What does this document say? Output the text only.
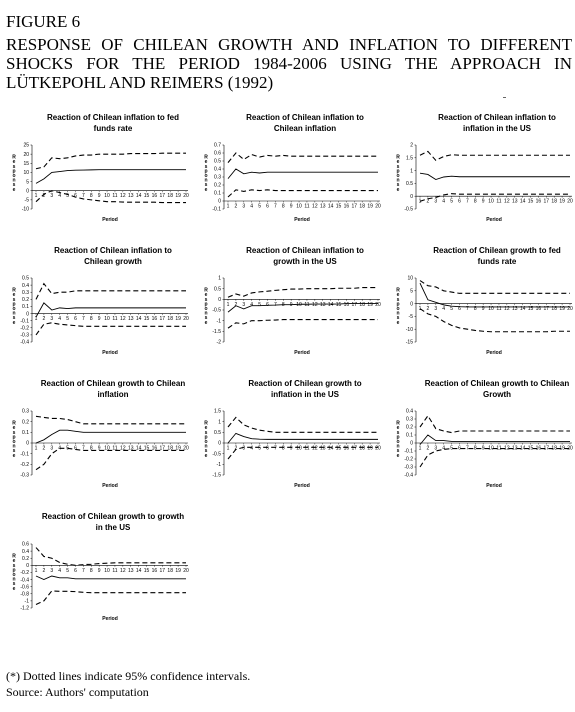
FIGURE 6
RESPONSE OF CHILEAN GROWTH AND INFLATION TO DIFFERENT SHOCKS FOR THE PERIOD 1984-2006 USING THE APPROACH IN LÜTKEPOHL AND REIMERS (1992)
Reaction of Chilean inflation to fed
funds rate
-10
-5
0
5
10
15
20
25
1 2 3 4 5 6 7 8 9 10 11 12 13 14 15 16 17 18 19 20
R
e
s
p
o
n
s
e
Period
Reaction of Chilean inflation to
Chilean inflation
-0.1
0
0.1
0.2
0.3
0.4
0.5
0.6
0.7
1 2 3 4 5 6 7 8 9 10 11 12 13 14 15 16 17 18 19 20
R
e
s
p
o
n
s
e
Period
Reaction of Chilean inflation to
inflation in the US
-0.5
0
0.5
1
1.5
2
1 2 3 4 5 6 7 8 9 10 11 12 13 14 15 16 17 18 19 20
R
e
s
p
o
n
s
e
Period
Reaction of Chilean inflation to
Chilean growth
-0.4
-0.3
-0.2
-0.1
0
0.1
0.2
0.3
0.4
0.5
1 2 3 4 5 6 7 8 9 10 11 12 13 14 15 16 17 18 19 20
R
e
s
p
o
n
s
e
Period
Reaction of Chilean inflation to
growth in the US
-2
-1.5
-1
-0.5
0
0.5
1
1 2 3 4 5 6 7 8 9 10 11 12 13 14 15 16 17 18 19 20
R
e
s
p
o
n
s
e
Period
Reaction of Chilean growth to fed
funds rate
-15
-10
-5
0
5
10
1 2 3 4 5 6 7 8 9 10 11 12 13 14 15 16 17 18 19 20
R
e
s
p
o
n
s
e
Period
Reaction of Chilean growth to Chilean
inflation
-0.3
-0.2
-0.1
0
0.1
0.2
0.3
1 2 3 4 5 6 7 8 9 10 11 12 13 14 15 16 17 18 19 20
R
e
s
p
o
n
s
e
Period
Reaction of Chilean growth to
inflation in the US
-1.5
-1
-0.5
0
0.5
1
1.5
1 2 3 4 5 6 7 8 9 10 11 12 13 14 15 16 17 18 19 20
R
e
s
p
o
n
s
e
Period
Reaction of Chilean growth to Chilean
Growth
-0.4
-0.3
-0.2
-0.1
0
0.1
0.2
0.3
0.4
1 2 3 4 5 6 7 8 9 10 11 12 13 14 15 16 17 18 19 20
R
e
s
p
o
n
s
e
Period
Reaction of Chilean growth to growth
in the US
-1.2
-1
-0.8
-0.6
-0.4
-0.2
0
0.2
0.4
0.6
1 2 3 4 5 6 7 8 9 10 11 12 13 14 15 16 17 18 19 20
R
e
s
p
o
n
s
e
Period
(*) Dotted lines indicate 95% confidence intervals.
Source: Authors' computation
